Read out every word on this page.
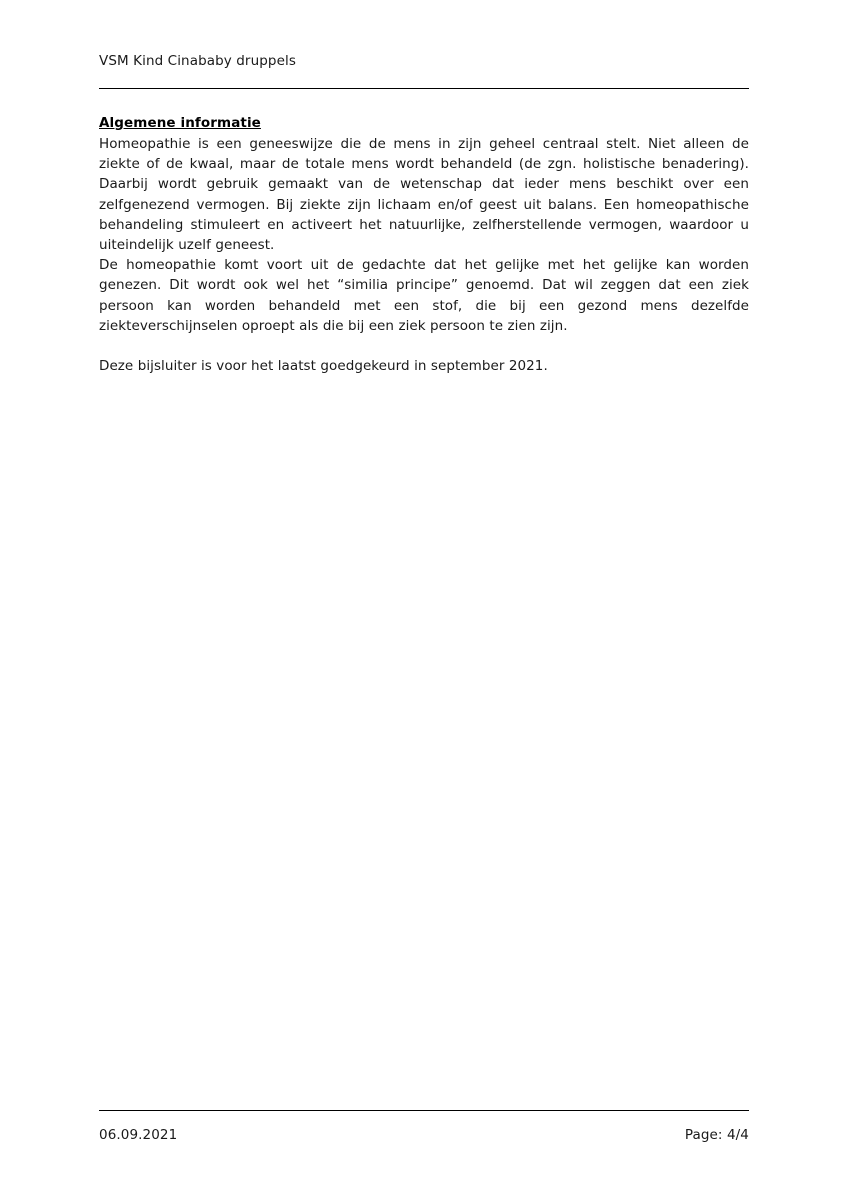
VSM Kind Cinababy druppels
Algemene informatie

Homeopathie is een geneeswijze die de mens in zijn geheel centraal stelt. Niet alleen de ziekte of de kwaal, maar de totale mens wordt behandeld (de zgn. holistische benadering). Daarbij wordt gebruik gemaakt van de wetenschap dat ieder mens beschikt over een zelfgenezend vermogen. Bij ziekte zijn lichaam en/of geest uit balans. Een homeopathische behandeling stimuleert en activeert het natuurlijke, zelfherstellende vermogen, waardoor u uiteindelijk uzelf geneest.

De homeopathie komt voort uit de gedachte dat het gelijke met het gelijke kan worden genezen. Dit wordt ook wel het “similia principe” genoemd. Dat wil zeggen dat een ziek persoon kan worden behandeld met een stof, die bij een gezond mens dezelfde ziekteverschijnselen oproept als die bij een ziek persoon te zien zijn.

Deze bijsluiter is voor het laatst goedgekeurd in september 2021.

06.09.2021	Page: 4/4
